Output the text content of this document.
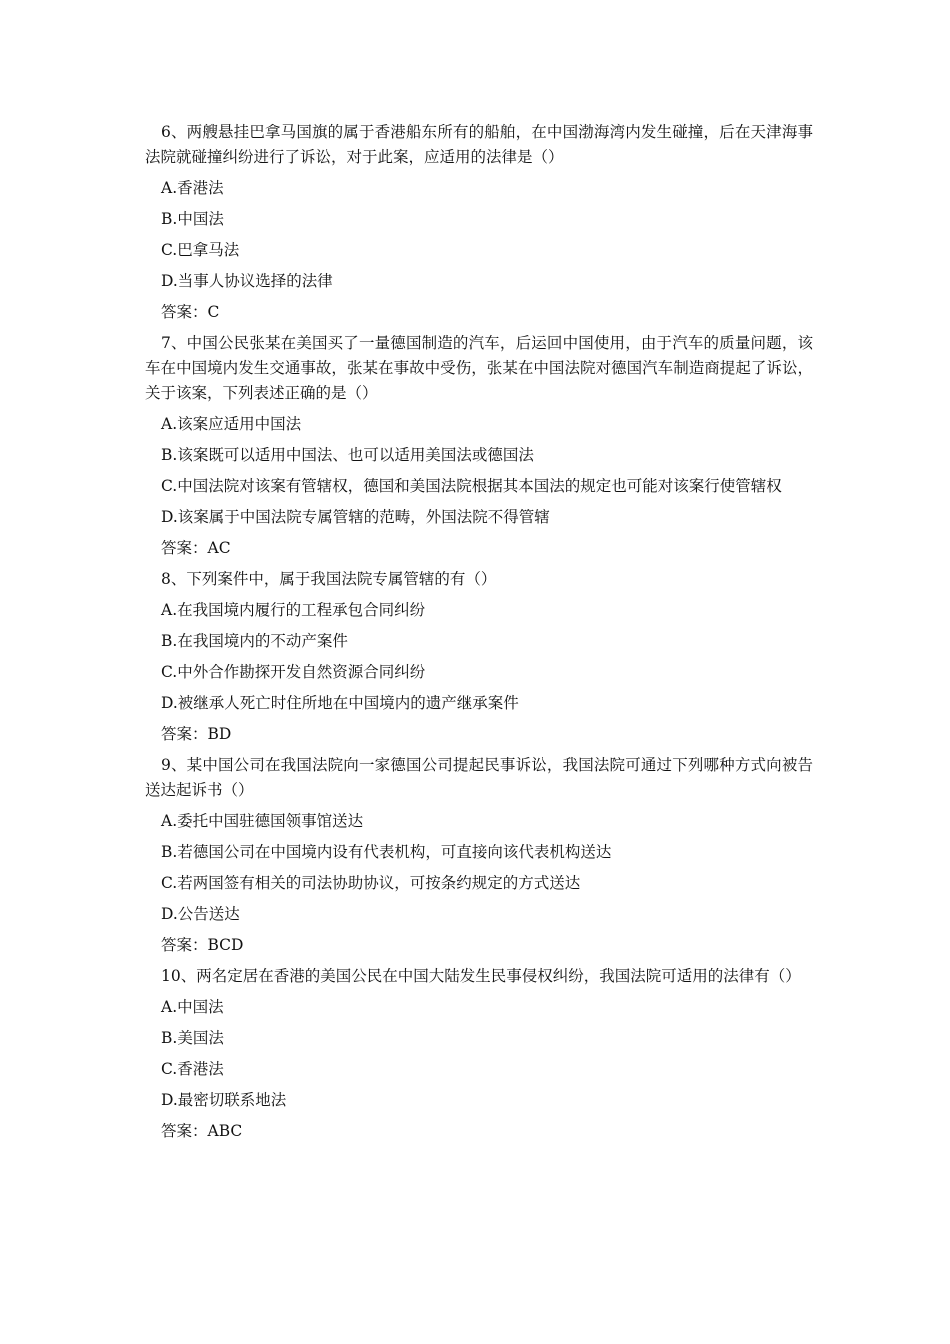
6、两艘悬挂巴拿马国旗的属于香港船东所有的船舶，在中国渤海湾内发生碰撞，后在天津海事法院就碰撞纠纷进行了诉讼，对于此案，应适用的法律是（）

A.香港法

B.中国法

C.巴拿马法

D.当事人协议选择的法律

答案：C

7、中国公民张某在美国买了一量德国制造的汽车，后运回中国使用，由于汽车的质量问题，该车在中国境内发生交通事故，张某在事故中受伤，张某在中国法院对德国汽车制造商提起了诉讼，关于该案，下列表述正确的是（）

A.该案应适用中国法

B.该案既可以适用中国法、也可以适用美国法或德国法

C.中国法院对该案有管辖权，德国和美国法院根据其本国法的规定也可能对该案行使管辖权

D.该案属于中国法院专属管辖的范畴，外国法院不得管辖

答案：AC

8、下列案件中，属于我国法院专属管辖的有（）

A.在我国境内履行的工程承包合同纠纷

B.在我国境内的不动产案件

C.中外合作勘探开发自然资源合同纠纷

D.被继承人死亡时住所地在中国境内的遗产继承案件

答案：BD

9、某中国公司在我国法院向一家德国公司提起民事诉讼，我国法院可通过下列哪种方式向被告送达起诉书（）

A.委托中国驻德国领事馆送达

B.若德国公司在中国境内设有代表机构，可直接向该代表机构送达

C.若两国签有相关的司法协助协议，可按条约规定的方式送达

D.公告送达

答案：BCD

10、两名定居在香港的美国公民在中国大陆发生民事侵权纠纷，我国法院可适用的法律有（）

A.中国法

B.美国法

C.香港法

D.最密切联系地法

答案：ABC
